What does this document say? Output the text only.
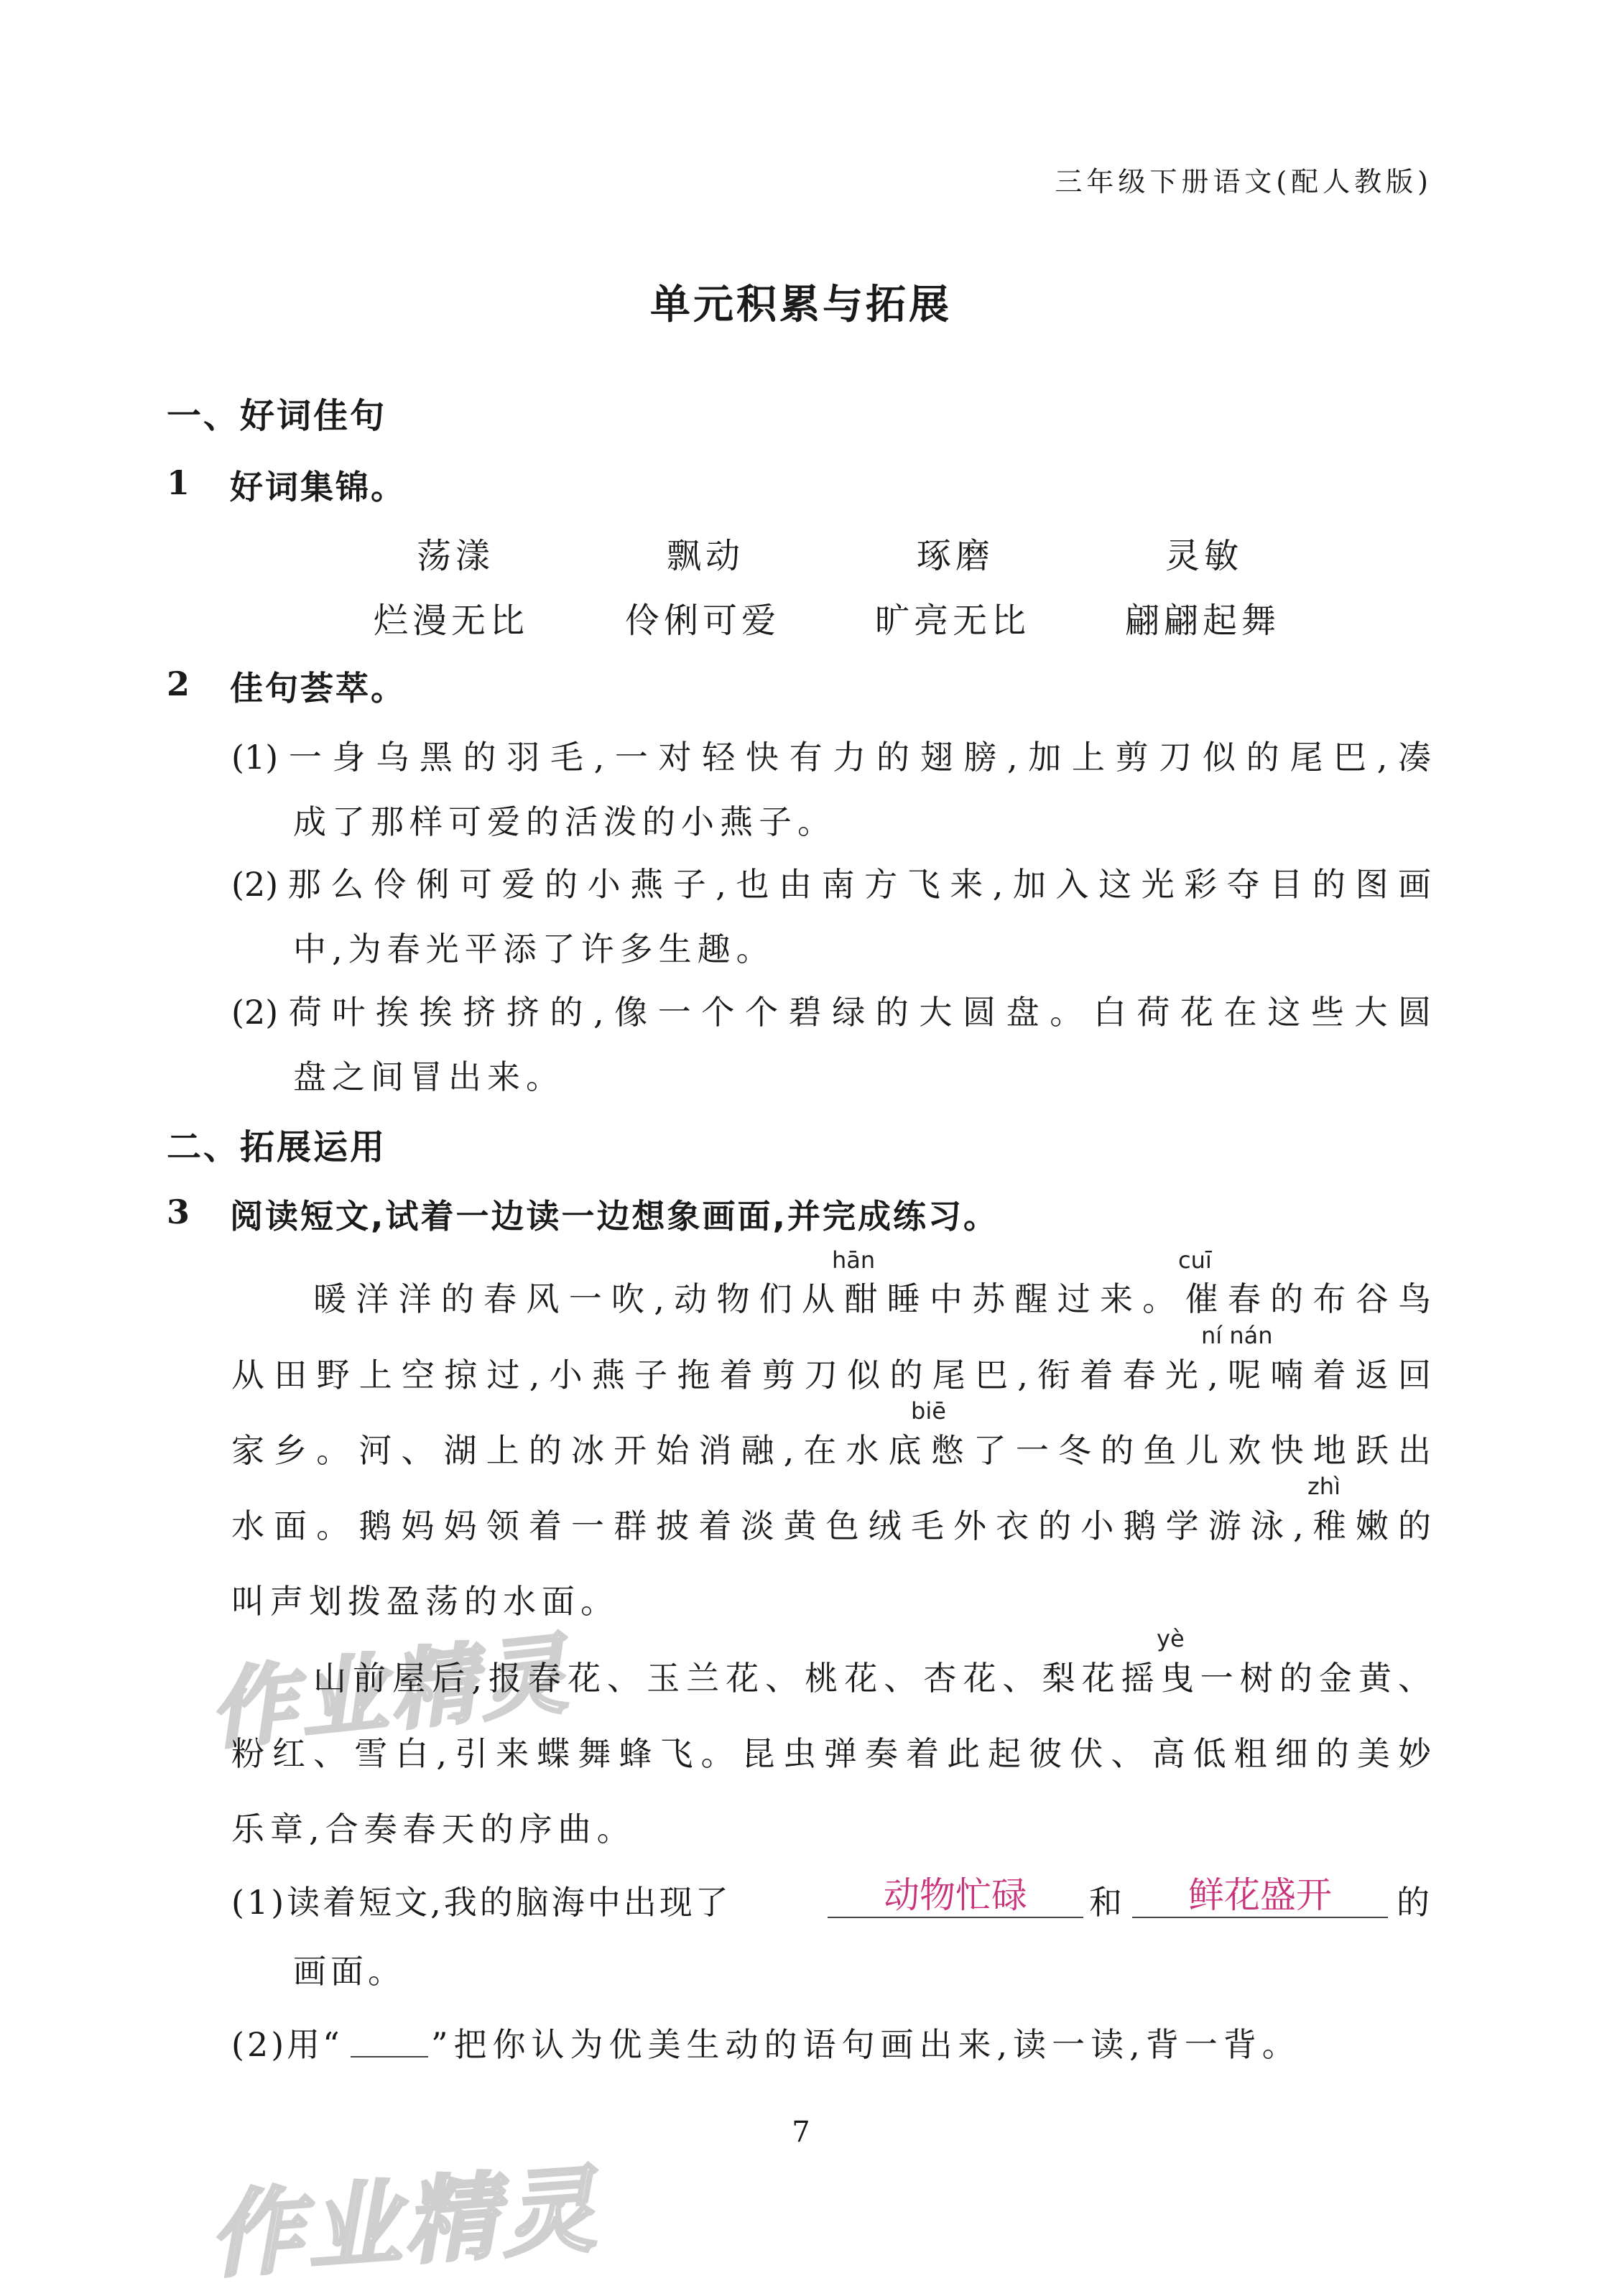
三年级下册语文(配人教版)
单元积累与拓展
一、好词佳句
1 好词集锦。
荡漾	飘动	琢磨	灵敏
烂漫无比	伶俐可爱	旷亮无比	翩翩起舞
2 佳句荟萃。
(1)一身乌黑的羽毛,一对轻快有力的翅膀,加上剪刀似的尾巴,凑
成了那样可爱的活泼的小燕子。
(2)那么伶俐可爱的小燕子,也由南方飞来,加入这光彩夺目的图画
中,为春光平添了许多生趣。
(2)荷叶挨挨挤挤的,像一个个碧绿的大圆盘。白荷花在这些大圆
盘之间冒出来。
二、拓展运用
3 阅读短文,试着一边读一边想象画面,并完成练习。
hān	cuī
ní nán
biē
zhì
yè
暖洋洋的春风一吹,动物们从酣睡中苏醒过来。催春的布谷鸟
从田野上空掠过,小燕子拖着剪刀似的尾巴,衔着春光,呢喃着返回
家乡。河、湖上的冰开始消融,在水底憋了一冬的鱼儿欢快地跃出
水面。鹅妈妈领着一群披着淡黄色绒毛外衣的小鹅学游泳,稚嫩的
叫声划拨盈荡的水面。
作业精灵
山前屋后,报春花、玉兰花、桃花、杏花、梨花摇曳一树的金黄、
粉红、雪白,引来蝶舞蜂飞。昆虫弹奏着此起彼伏、高低粗细的美妙
乐章,合奏春天的序曲。
(1)读着短文,我的脑海中出现了	动物忙碌	和	鲜花盛开	的
画面。
(2)用“	”把你认为优美生动的语句画出来,读一读,背一背。
7
作业精灵
